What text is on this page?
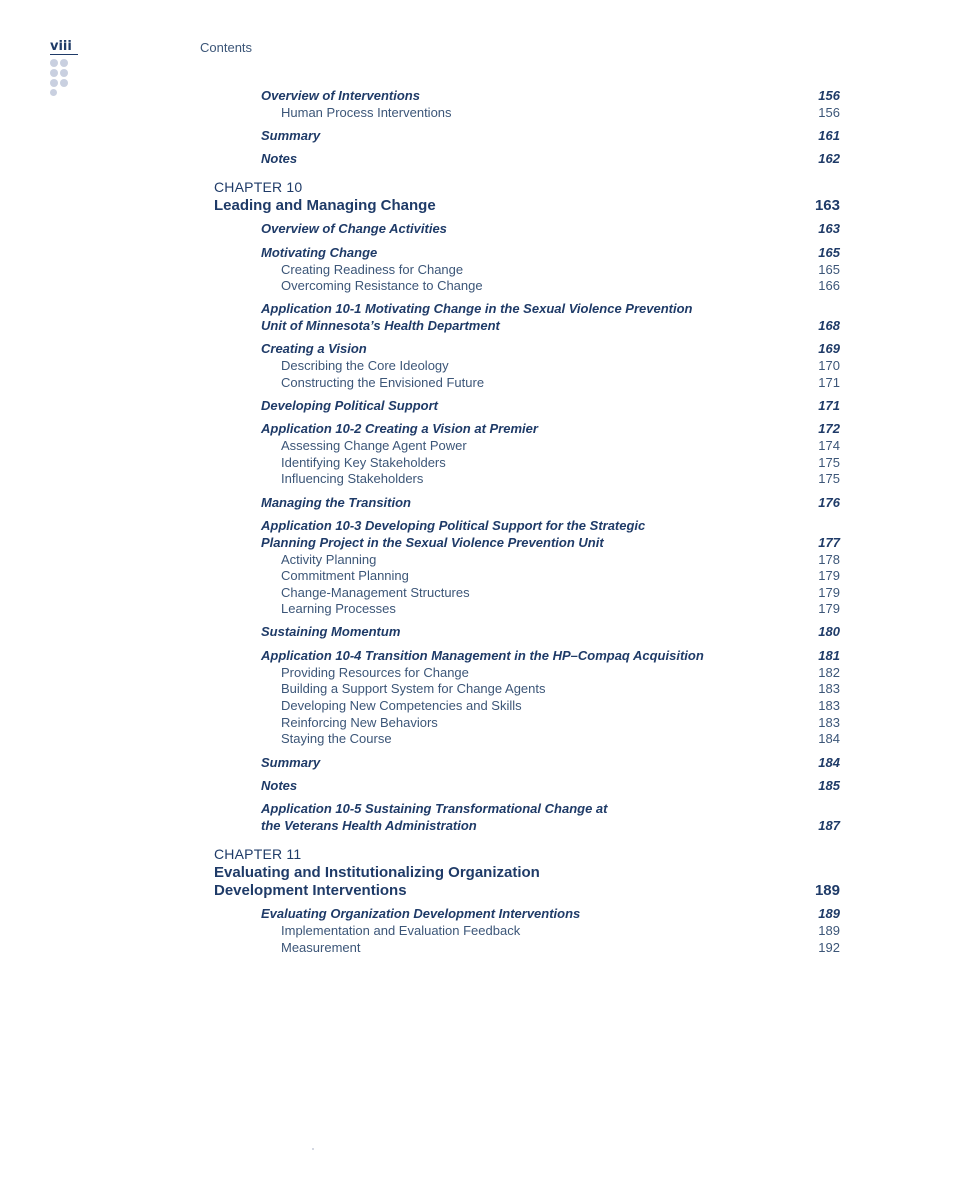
viii	Contents
Overview of Interventions	156
Human Process Interventions	156
Summary	161
Notes	162
CHAPTER 10
Leading and Managing Change	163
Overview of Change Activities	163
Motivating Change	165
Creating Readiness for Change	165
Overcoming Resistance to Change	166
Application 10-1 Motivating Change in the Sexual Violence Prevention
Unit of Minnesota’s Health Department	168
Creating a Vision	169
Describing the Core Ideology	170
Constructing the Envisioned Future	171
Developing Political Support	171
Application 10-2 Creating a Vision at Premier	172
Assessing Change Agent Power	174
Identifying Key Stakeholders	175
Influencing Stakeholders	175
Managing the Transition	176
Application 10-3 Developing Political Support for the Strategic
Planning Project in the Sexual Violence Prevention Unit	177
Activity Planning	178
Commitment Planning	179
Change-Management Structures	179
Learning Processes	179
Sustaining Momentum	180
Application 10-4 Transition Management in the HP–Compaq Acquisition	181
Providing Resources for Change	182
Building a Support System for Change Agents	183
Developing New Competencies and Skills	183
Reinforcing New Behaviors	183
Staying the Course	184
Summary	184
Notes	185
Application 10-5 Sustaining Transformational Change at
the Veterans Health Administration	187
CHAPTER 11
Evaluating and Institutionalizing Organization
Development Interventions	189
Evaluating Organization Development Interventions	189
Implementation and Evaluation Feedback	189
Measurement	192
